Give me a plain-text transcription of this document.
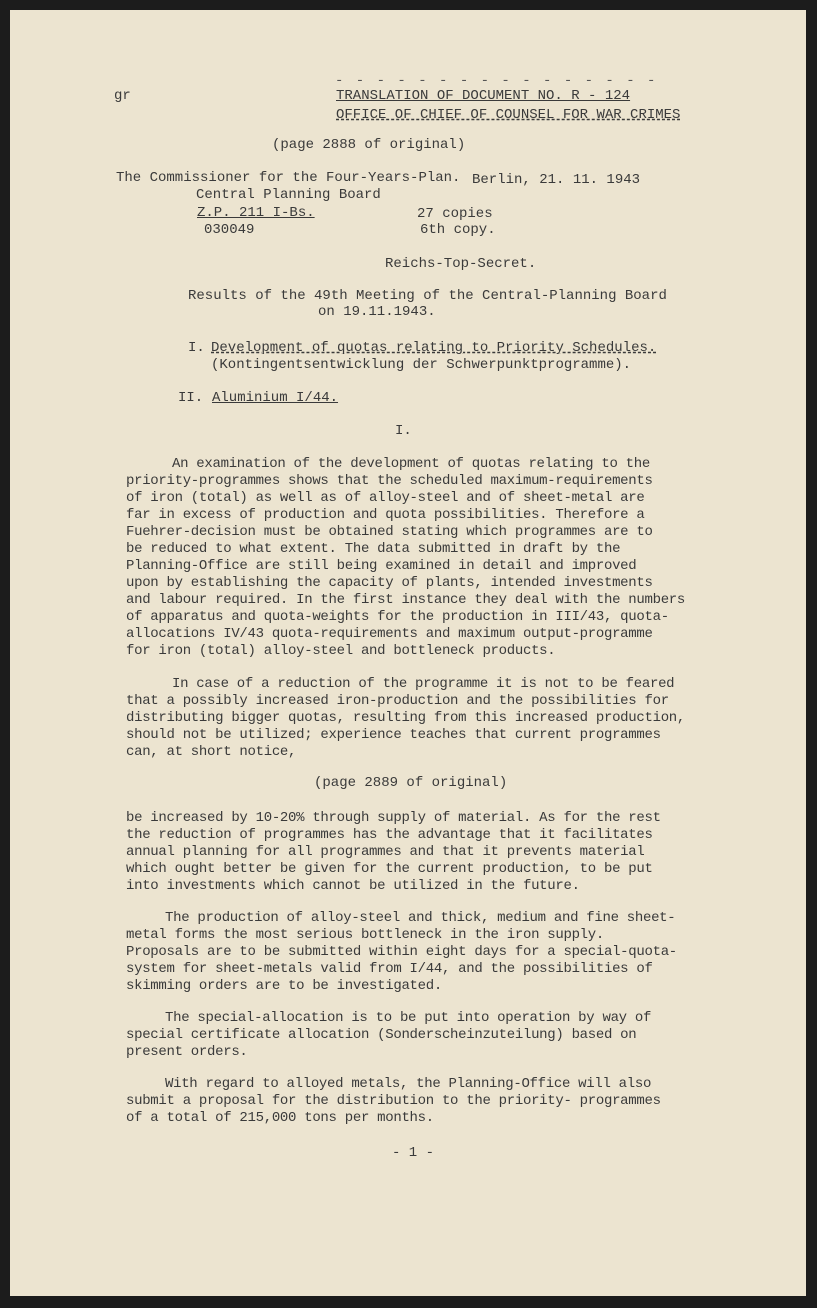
gr
- - - - - - - - - - - - - - - -
TRANSLATION OF DOCUMENT NO. R - 124
OFFICE OF CHIEF OF COUNSEL FOR WAR CRIMES
(page 2888 of original)
The Commissioner for the Four-Years-Plan. Berlin, 21. 11. 1943
Central Planning Board
Z.P. 211 I-Bs.	27 copies
030049	6th copy.
Reichs-Top-Secret.
Results of the 49th Meeting of the Central-Planning Board
on 19.11.1943.
I. Development of quotas relating to Priority Schedules.
(Kontingentsentwicklung der Schwerpunktprogramme).
II. Aluminium I/44.
I.
An examination of the development of quotas relating to the
priority-programmes shows that the scheduled maximum-requirements
of iron (total) as well as of alloy-steel and of sheet-metal are
far in excess of production and quota possibilities. Therefore a
Fuehrer-decision must be obtained stating which programmes are to
be reduced to what extent. The data submitted in draft by the
Planning-Office are still being examined in detail and improved
upon by establishing the capacity of plants, intended investments
and labour required. In the first instance they deal with the numbers
of apparatus and quota-weights for the production in III/43, quota-
allocations IV/43 quota-requirements and maximum output-programme
for iron (total) alloy-steel and bottleneck products.
In case of a reduction of the programme it is not to be feared
that a possibly increased iron-production and the possibilities for
distributing bigger quotas, resulting from this increased production,
should not be utilized; experience teaches that current programmes
can, at short notice,
(page 2889 of original)
be increased by 10-20% through supply of material. As for the rest
the reduction of programmes has the advantage that it facilitates
annual planning for all programmes and that it prevents material
which ought better be given for the current production, to be put
into investments which cannot be utilized in the future.
The production of alloy-steel and thick, medium and fine sheet-
metal forms the most serious bottleneck in the iron supply.
Proposals are to be submitted within eight days for a special-quota-
system for sheet-metals valid from I/44, and the possibilities of
skimming orders are to be investigated.
The special-allocation is to be put into operation by way of
special certificate allocation (Sonderscheinzuteilung) based on
present orders.
With regard to alloyed metals, the Planning-Office will also
submit a proposal for the distribution to the priority- programmes
of a total of 215,000 tons per months.
- 1 -
